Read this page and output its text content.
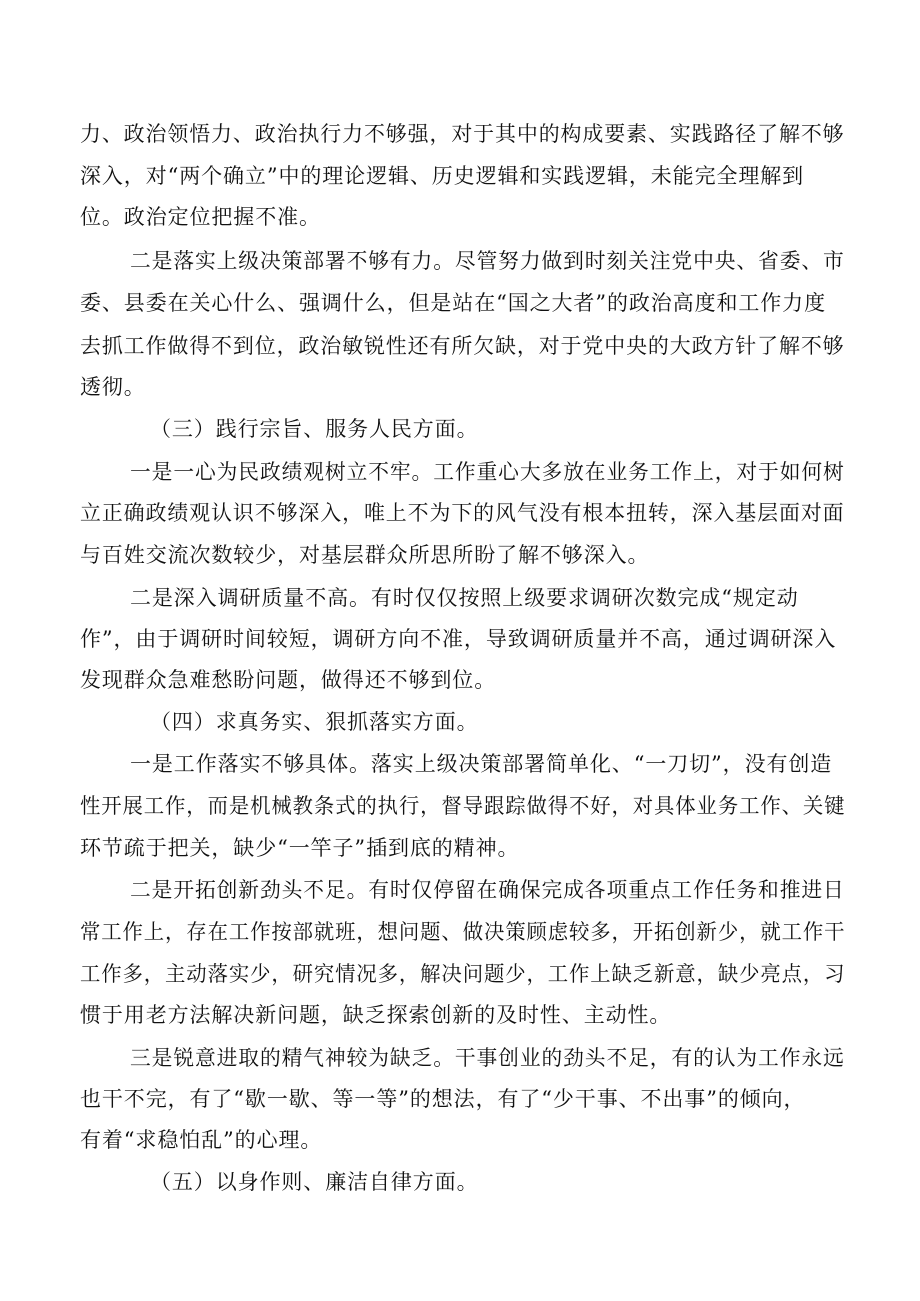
力、政治领悟力、政治执行力不够强，对于其中的构成要素、实践路径了解不够

深入，对“两个确立”中的理论逻辑、历史逻辑和实践逻辑，未能完全理解到

位。政治定位把握不准。

二是落实上级决策部署不够有力。尽管努力做到时刻关注党中央、省委、市

委、县委在关心什么、强调什么，但是站在“国之大者”的政治高度和工作力度

去抓工作做得不到位，政治敏锐性还有所欠缺，对于党中央的大政方针了解不够

透彻。

（三）践行宗旨、服务人民方面。

一是一心为民政绩观树立不牢。工作重心大多放在业务工作上，对于如何树

立正确政绩观认识不够深入，唯上不为下的风气没有根本扭转，深入基层面对面

与百姓交流次数较少，对基层群众所思所盼了解不够深入。

二是深入调研质量不高。有时仅仅按照上级要求调研次数完成“规定动

作”，由于调研时间较短，调研方向不准，导致调研质量并不高，通过调研深入

发现群众急难愁盼问题，做得还不够到位。

（四）求真务实、狠抓落实方面。

一是工作落实不够具体。落实上级决策部署简单化、“一刀切”，没有创造

性开展工作，而是机械教条式的执行，督导跟踪做得不好，对具体业务工作、关键

环节疏于把关，缺少“一竿子”插到底的精神。

二是开拓创新劲头不足。有时仅停留在确保完成各项重点工作任务和推进日

常工作上，存在工作按部就班，想问题、做决策顾虑较多，开拓创新少，就工作干

工作多，主动落实少，研究情况多，解决问题少，工作上缺乏新意，缺少亮点，习

惯于用老方法解决新问题，缺乏探索创新的及时性、主动性。

三是锐意进取的精气神较为缺乏。干事创业的劲头不足，有的认为工作永远

也干不完，有了“歇一歇、等一等”的想法，有了“少干事、不出事”的倾向，

有着“求稳怕乱”的心理。

（五）以身作则、廉洁自律方面。
